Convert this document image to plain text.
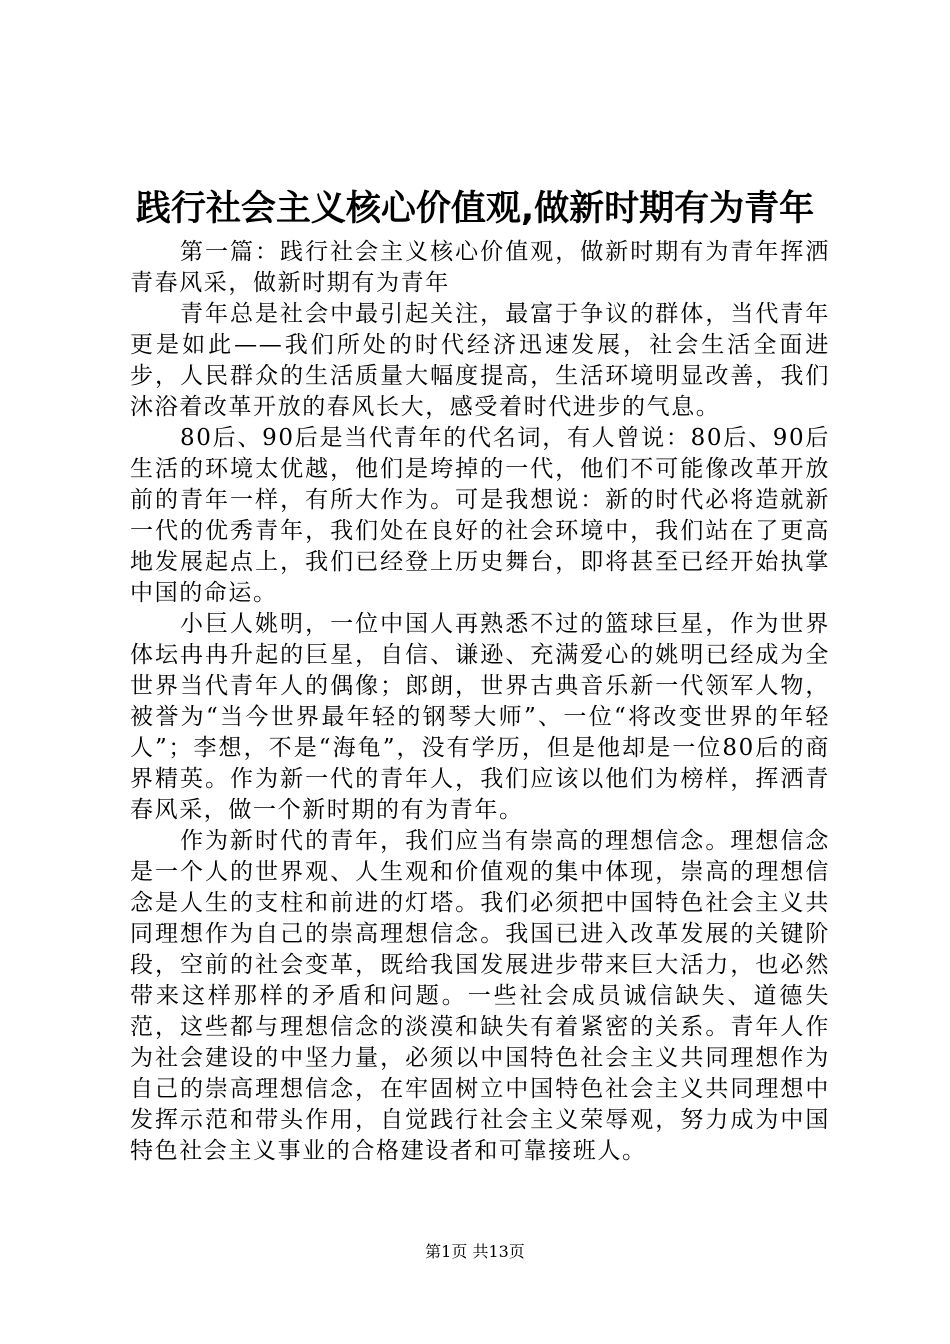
践行社会主义核心价值观,做新时期有为青年

第一篇：践行社会主义核心价值观，做新时期有为青年挥洒青春风采，做新时期有为青年

青年总是社会中最引起关注，最富于争议的群体，当代青年更是如此——我们所处的时代经济迅速发展，社会生活全面进步，人民群众的生活质量大幅度提高，生活环境明显改善，我们沐浴着改革开放的春风长大，感受着时代进步的气息。

80后、90后是当代青年的代名词，有人曾说：80后、90后生活的环境太优越，他们是垮掉的一代，他们不可能像改革开放前的青年一样，有所大作为。可是我想说：新的时代必将造就新一代的优秀青年，我们处在良好的社会环境中，我们站在了更高地发展起点上，我们已经登上历史舞台，即将甚至已经开始执掌中国的命运。

小巨人姚明，一位中国人再熟悉不过的篮球巨星，作为世界体坛冉冉升起的巨星，自信、谦逊、充满爱心的姚明已经成为全世界当代青年人的偶像；郎朗，世界古典音乐新一代领军人物，被誉为“当今世界最年轻的钢琴大师”、一位“将改变世界的年轻人”；李想，不是“海龟”，没有学历，但是他却是一位80后的商界精英。作为新一代的青年人，我们应该以他们为榜样，挥洒青春风采，做一个新时期的有为青年。

作为新时代的青年，我们应当有崇高的理想信念。理想信念是一个人的世界观、人生观和价值观的集中体现，崇高的理想信念是人生的支柱和前进的灯塔。我们必须把中国特色社会主义共同理想作为自己的崇高理想信念。我国已进入改革发展的关键阶段，空前的社会变革，既给我国发展进步带来巨大活力，也必然带来这样那样的矛盾和问题。一些社会成员诚信缺失、道德失范，这些都与理想信念的淡漠和缺失有着紧密的关系。青年人作为社会建设的中坚力量，必须以中国特色社会主义共同理想作为自己的崇高理想信念，在牢固树立中国特色社会主义共同理想中发挥示范和带头作用，自觉践行社会主义荣辱观，努力成为中国特色社会主义事业的合格建设者和可靠接班人。

第1页 共13页
